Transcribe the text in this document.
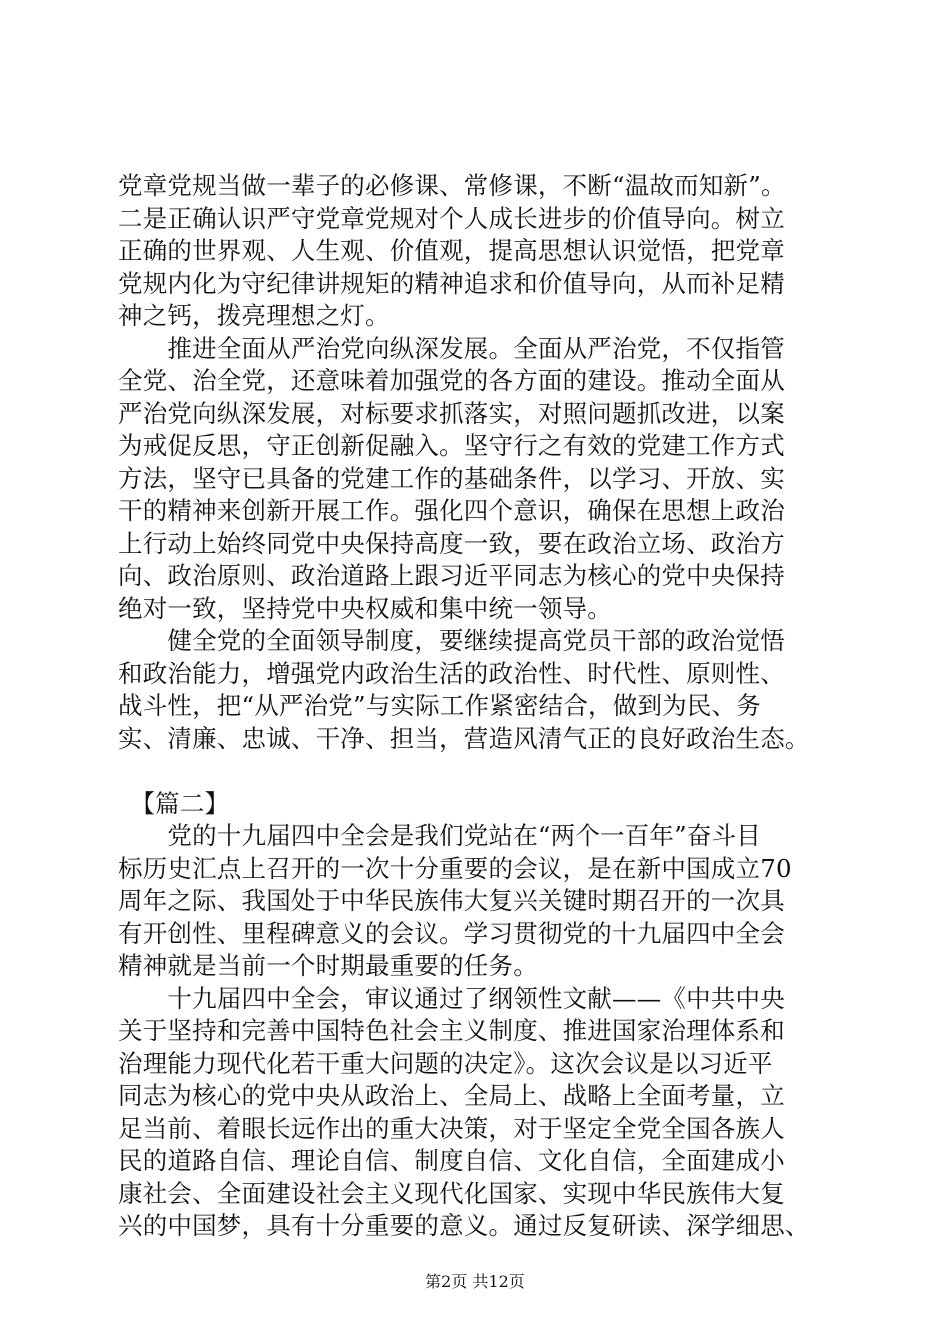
党章党规当做一辈子的必修课、常修课，不断“温故而知新”。
二是正确认识严守党章党规对个人成长进步的价值导向。树立
正确的世界观、人生观、价值观，提高思想认识觉悟，把党章
党规内化为守纪律讲规矩的精神追求和价值导向，从而补足精
神之钙，拨亮理想之灯。
　　推进全面从严治党向纵深发展。全面从严治党，不仅指管
全党、治全党，还意味着加强党的各方面的建设。推动全面从
严治党向纵深发展，对标要求抓落实，对照问题抓改进，以案
为戒促反思，守正创新促融入。坚守行之有效的党建工作方式
方法，坚守已具备的党建工作的基础条件，以学习、开放、实
干的精神来创新开展工作。强化四个意识，确保在思想上政治
上行动上始终同党中央保持高度一致，要在政治立场、政治方
向、政治原则、政治道路上跟习近平同志为核心的党中央保持
绝对一致，坚持党中央权威和集中统一领导。
　　健全党的全面领导制度，要继续提高党员干部的政治觉悟
和政治能力，增强党内政治生活的政治性、时代性、原则性、
战斗性，把“从严治党”与实际工作紧密结合，做到为民、务
实、清廉、忠诚、干净、担当，营造风清气正的良好政治生态。
　【篇二】
　　党的十九届四中全会是我们党站在“两个一百年”奋斗目
标历史汇点上召开的一次十分重要的会议，是在新中国成立70
周年之际、我国处于中华民族伟大复兴关键时期召开的一次具
有开创性、里程碑意义的会议。学习贯彻党的十九届四中全会
精神就是当前一个时期最重要的任务。
　　十九届四中全会，审议通过了纲领性文献——《中共中央
关于坚持和完善中国特色社会主义制度、推进国家治理体系和
治理能力现代化若干重大问题的决定》。这次会议是以习近平
同志为核心的党中央从政治上、全局上、战略上全面考量，立
足当前、着眼长远作出的重大决策，对于坚定全党全国各族人
民的道路自信、理论自信、制度自信、文化自信，全面建成小
康社会、全面建设社会主义现代化国家、实现中华民族伟大复
兴的中国梦，具有十分重要的意义。通过反复研读、深学细思、
第2页 共12页
